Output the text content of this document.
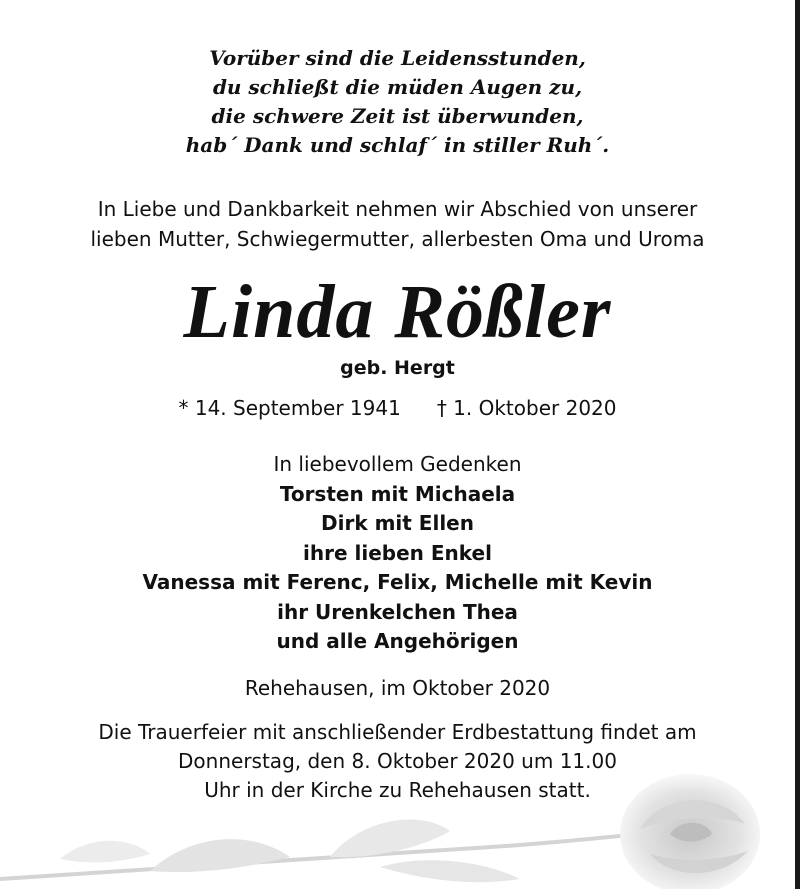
Vorüber sind die Leidensstunden,
du schließt die müden Augen zu,
die schwere Zeit ist überwunden,
hab´ Dank und schlaf´ in stiller Ruh´.
In Liebe und Dankbarkeit nehmen wir Abschied von unserer
lieben Mutter, Schwiegermutter, allerbesten Oma und Uroma
Linda Rößler
geb. Hergt
* 14. September 1941 † 1. Oktober 2020
In liebevollem Gedenken
Torsten mit Michaela
Dirk mit Ellen
ihre lieben Enkel
Vanessa mit Ferenc, Felix, Michelle mit Kevin
ihr Urenkelchen Thea
und alle Angehörigen
Rehehausen, im Oktober 2020
Die Trauerfeier mit anschließender Erdbestattung findet am
Donnerstag, den 8. Oktober 2020 um 11.00
Uhr in der Kirche zu Rehehausen statt.
